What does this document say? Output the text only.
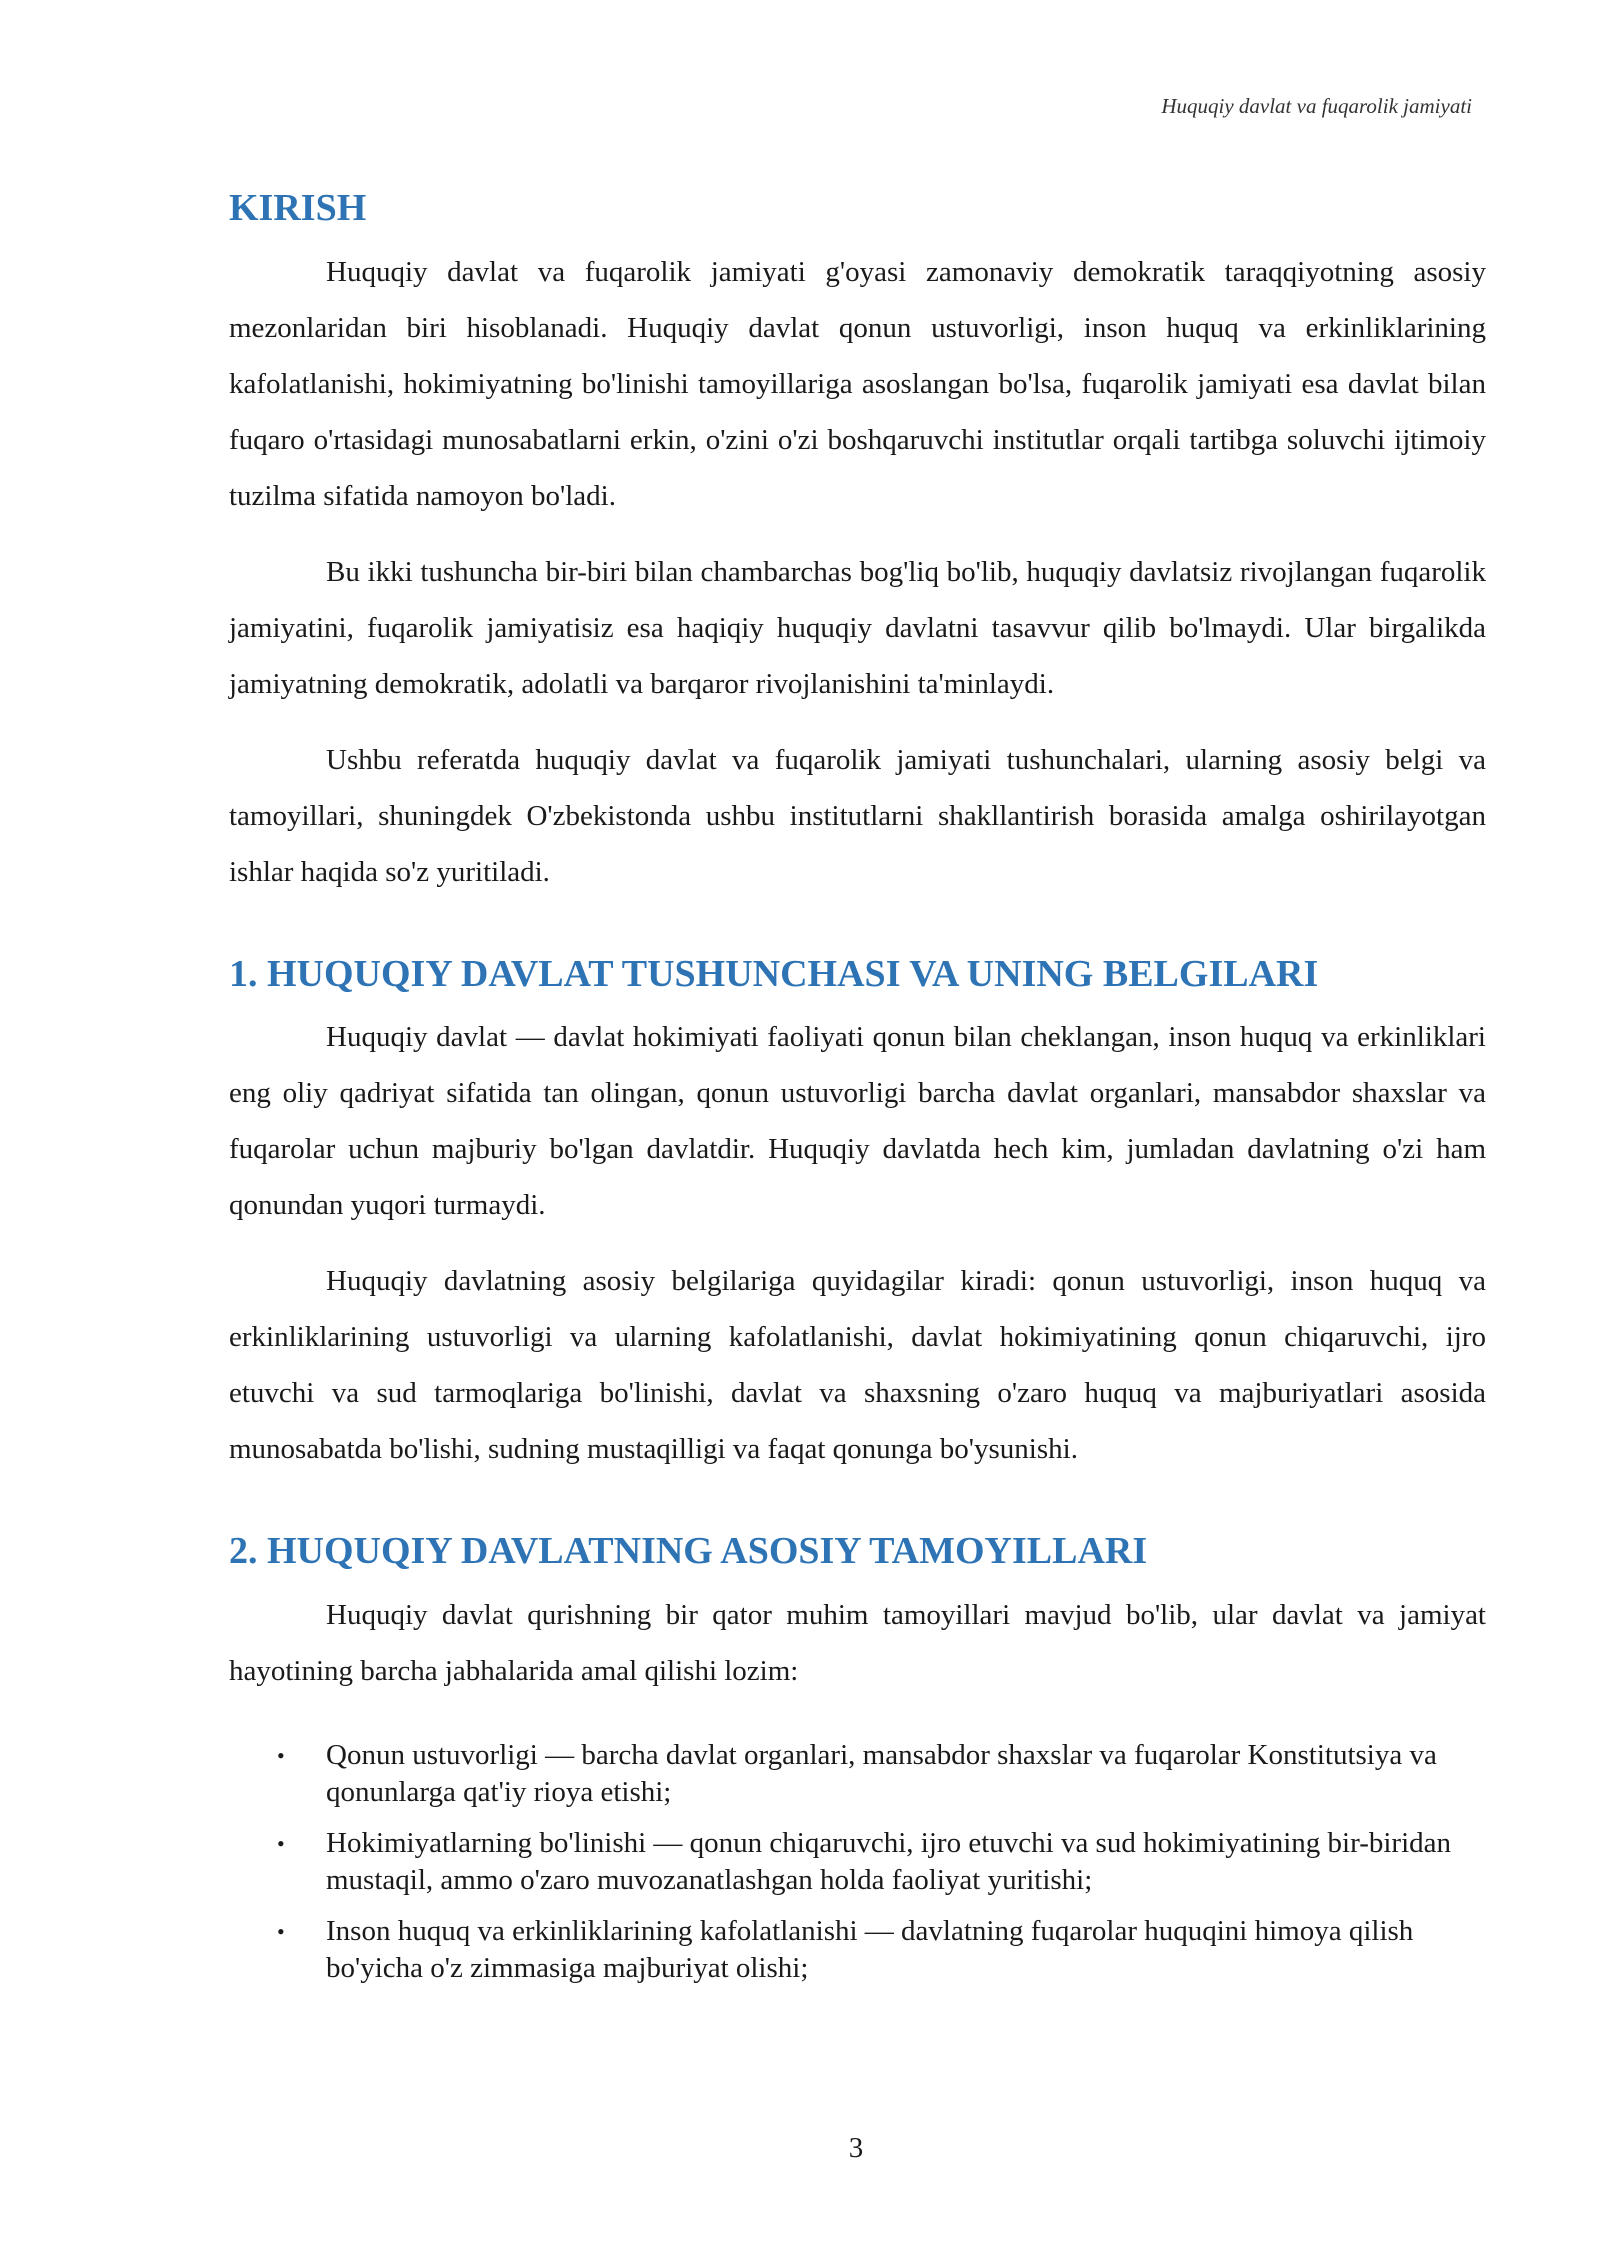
Huquqiy davlat va fuqarolik jamiyati
KIRISH

Huquqiy davlat va fuqarolik jamiyati g'oyasi zamonaviy demokratik taraqqiyotning asosiy mezonlaridan biri hisoblanadi. Huquqiy davlat qonun ustuvorligi, inson huquq va erkinliklarining kafolatlanishi, hokimiyatning bo'linishi tamoyillariga asoslangan bo'lsa, fuqarolik jamiyati esa davlat bilan fuqaro o'rtasidagi munosabatlarni erkin, o'zini o'zi boshqaruvchi institutlar orqali tartibga soluvchi ijtimoiy tuzilma sifatida namoyon bo'ladi.

Bu ikki tushuncha bir-biri bilan chambarchas bog'liq bo'lib, huquqiy davlatsiz rivojlangan fuqarolik jamiyatini, fuqarolik jamiyatisiz esa haqiqiy huquqiy davlatni tasavvur qilib bo'lmaydi. Ular birgalikda jamiyatning demokratik, adolatli va barqaror rivojlanishini ta'minlaydi.

Ushbu referatda huquqiy davlat va fuqarolik jamiyati tushunchalari, ularning asosiy belgi va tamoyillari, shuningdek O'zbekistonda ushbu institutlarni shakllantirish borasida amalga oshirilayotgan ishlar haqida so'z yuritiladi.

1. HUQUQIY DAVLAT TUSHUNCHASI VA UNING BELGILARI

Huquqiy davlat — davlat hokimiyati faoliyati qonun bilan cheklangan, inson huquq va erkinliklari eng oliy qadriyat sifatida tan olingan, qonun ustuvorligi barcha davlat organlari, mansabdor shaxslar va fuqarolar uchun majburiy bo'lgan davlatdir. Huquqiy davlatda hech kim, jumladan davlatning o'zi ham qonundan yuqori turmaydi.

Huquqiy davlatning asosiy belgilariga quyidagilar kiradi: qonun ustuvorligi, inson huquq va erkinliklarining ustuvorligi va ularning kafolatlanishi, davlat hokimiyatining qonun chiqaruvchi, ijro etuvchi va sud tarmoqlariga bo'linishi, davlat va shaxsning o'zaro huquq va majburiyatlari asosida munosabatda bo'lishi, sudning mustaqilligi va faqat qonunga bo'ysunishi.

2. HUQUQIY DAVLATNING ASOSIY TAMOYILLARI

Huquqiy davlat qurishning bir qator muhim tamoyillari mavjud bo'lib, ular davlat va jamiyat hayotining barcha jabhalarida amal qilishi lozim:

• Qonun ustuvorligi — barcha davlat organlari, mansabdor shaxslar va fuqarolar Konstitutsiya va qonunlarga qat'iy rioya etishi;
• Hokimiyatlarning bo'linishi — qonun chiqaruvchi, ijro etuvchi va sud hokimiyatining bir-biridan mustaqil, ammo o'zaro muvozanatlashgan holda faoliyat yuritishi;
• Inson huquq va erkinliklarining kafolatlanishi — davlatning fuqarolar huquqini himoya qilish bo'yicha o'z zimmasiga majburiyat olishi;
3
